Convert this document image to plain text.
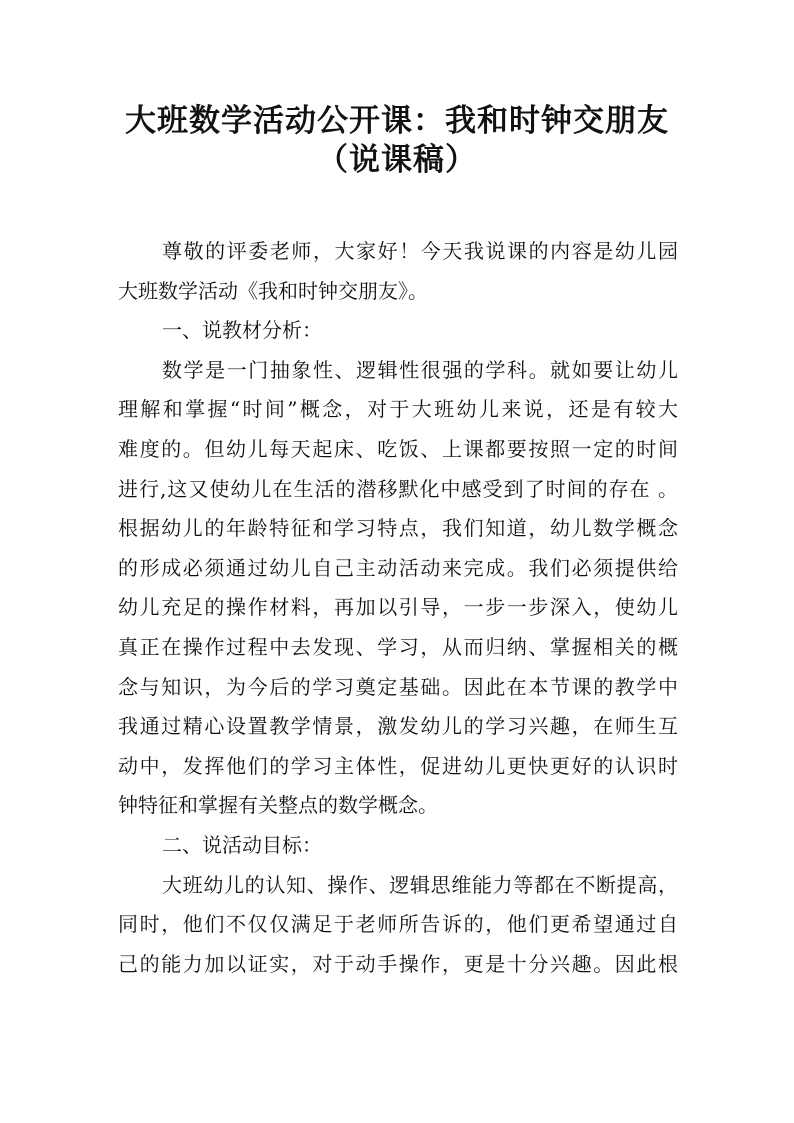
大班数学活动公开课：我和时钟交朋友
（说课稿）
尊敬的评委老师，大家好！今天我说课的内容是幼儿园
大班数学活动《我和时钟交朋友》。
一、说教材分析：
数学是一门抽象性、逻辑性很强的学科。就如要让幼儿
理解和掌握“时间”概念，对于大班幼儿来说，还是有较大
难度的。但幼儿每天起床、吃饭、上课都要按照一定的时间
进行,这又使幼儿在生活的潜移默化中感受到了时间的存在 。
根据幼儿的年龄特征和学习特点，我们知道，幼儿数学概念
的形成必须通过幼儿自己主动活动来完成。我们必须提供给
幼儿充足的操作材料，再加以引导，一步一步深入，使幼儿
真正在操作过程中去发现、学习，从而归纳、掌握相关的概
念与知识，为今后的学习奠定基础。因此在本节课的教学中
我通过精心设置教学情景，激发幼儿的学习兴趣，在师生互
动中，发挥他们的学习主体性，促进幼儿更快更好的认识时
钟特征和掌握有关整点的数学概念。
二、说活动目标：
大班幼儿的认知、操作、逻辑思维能力等都在不断提高，
同时，他们不仅仅满足于老师所告诉的，他们更希望通过自
己的能力加以证实，对于动手操作，更是十分兴趣。因此根
